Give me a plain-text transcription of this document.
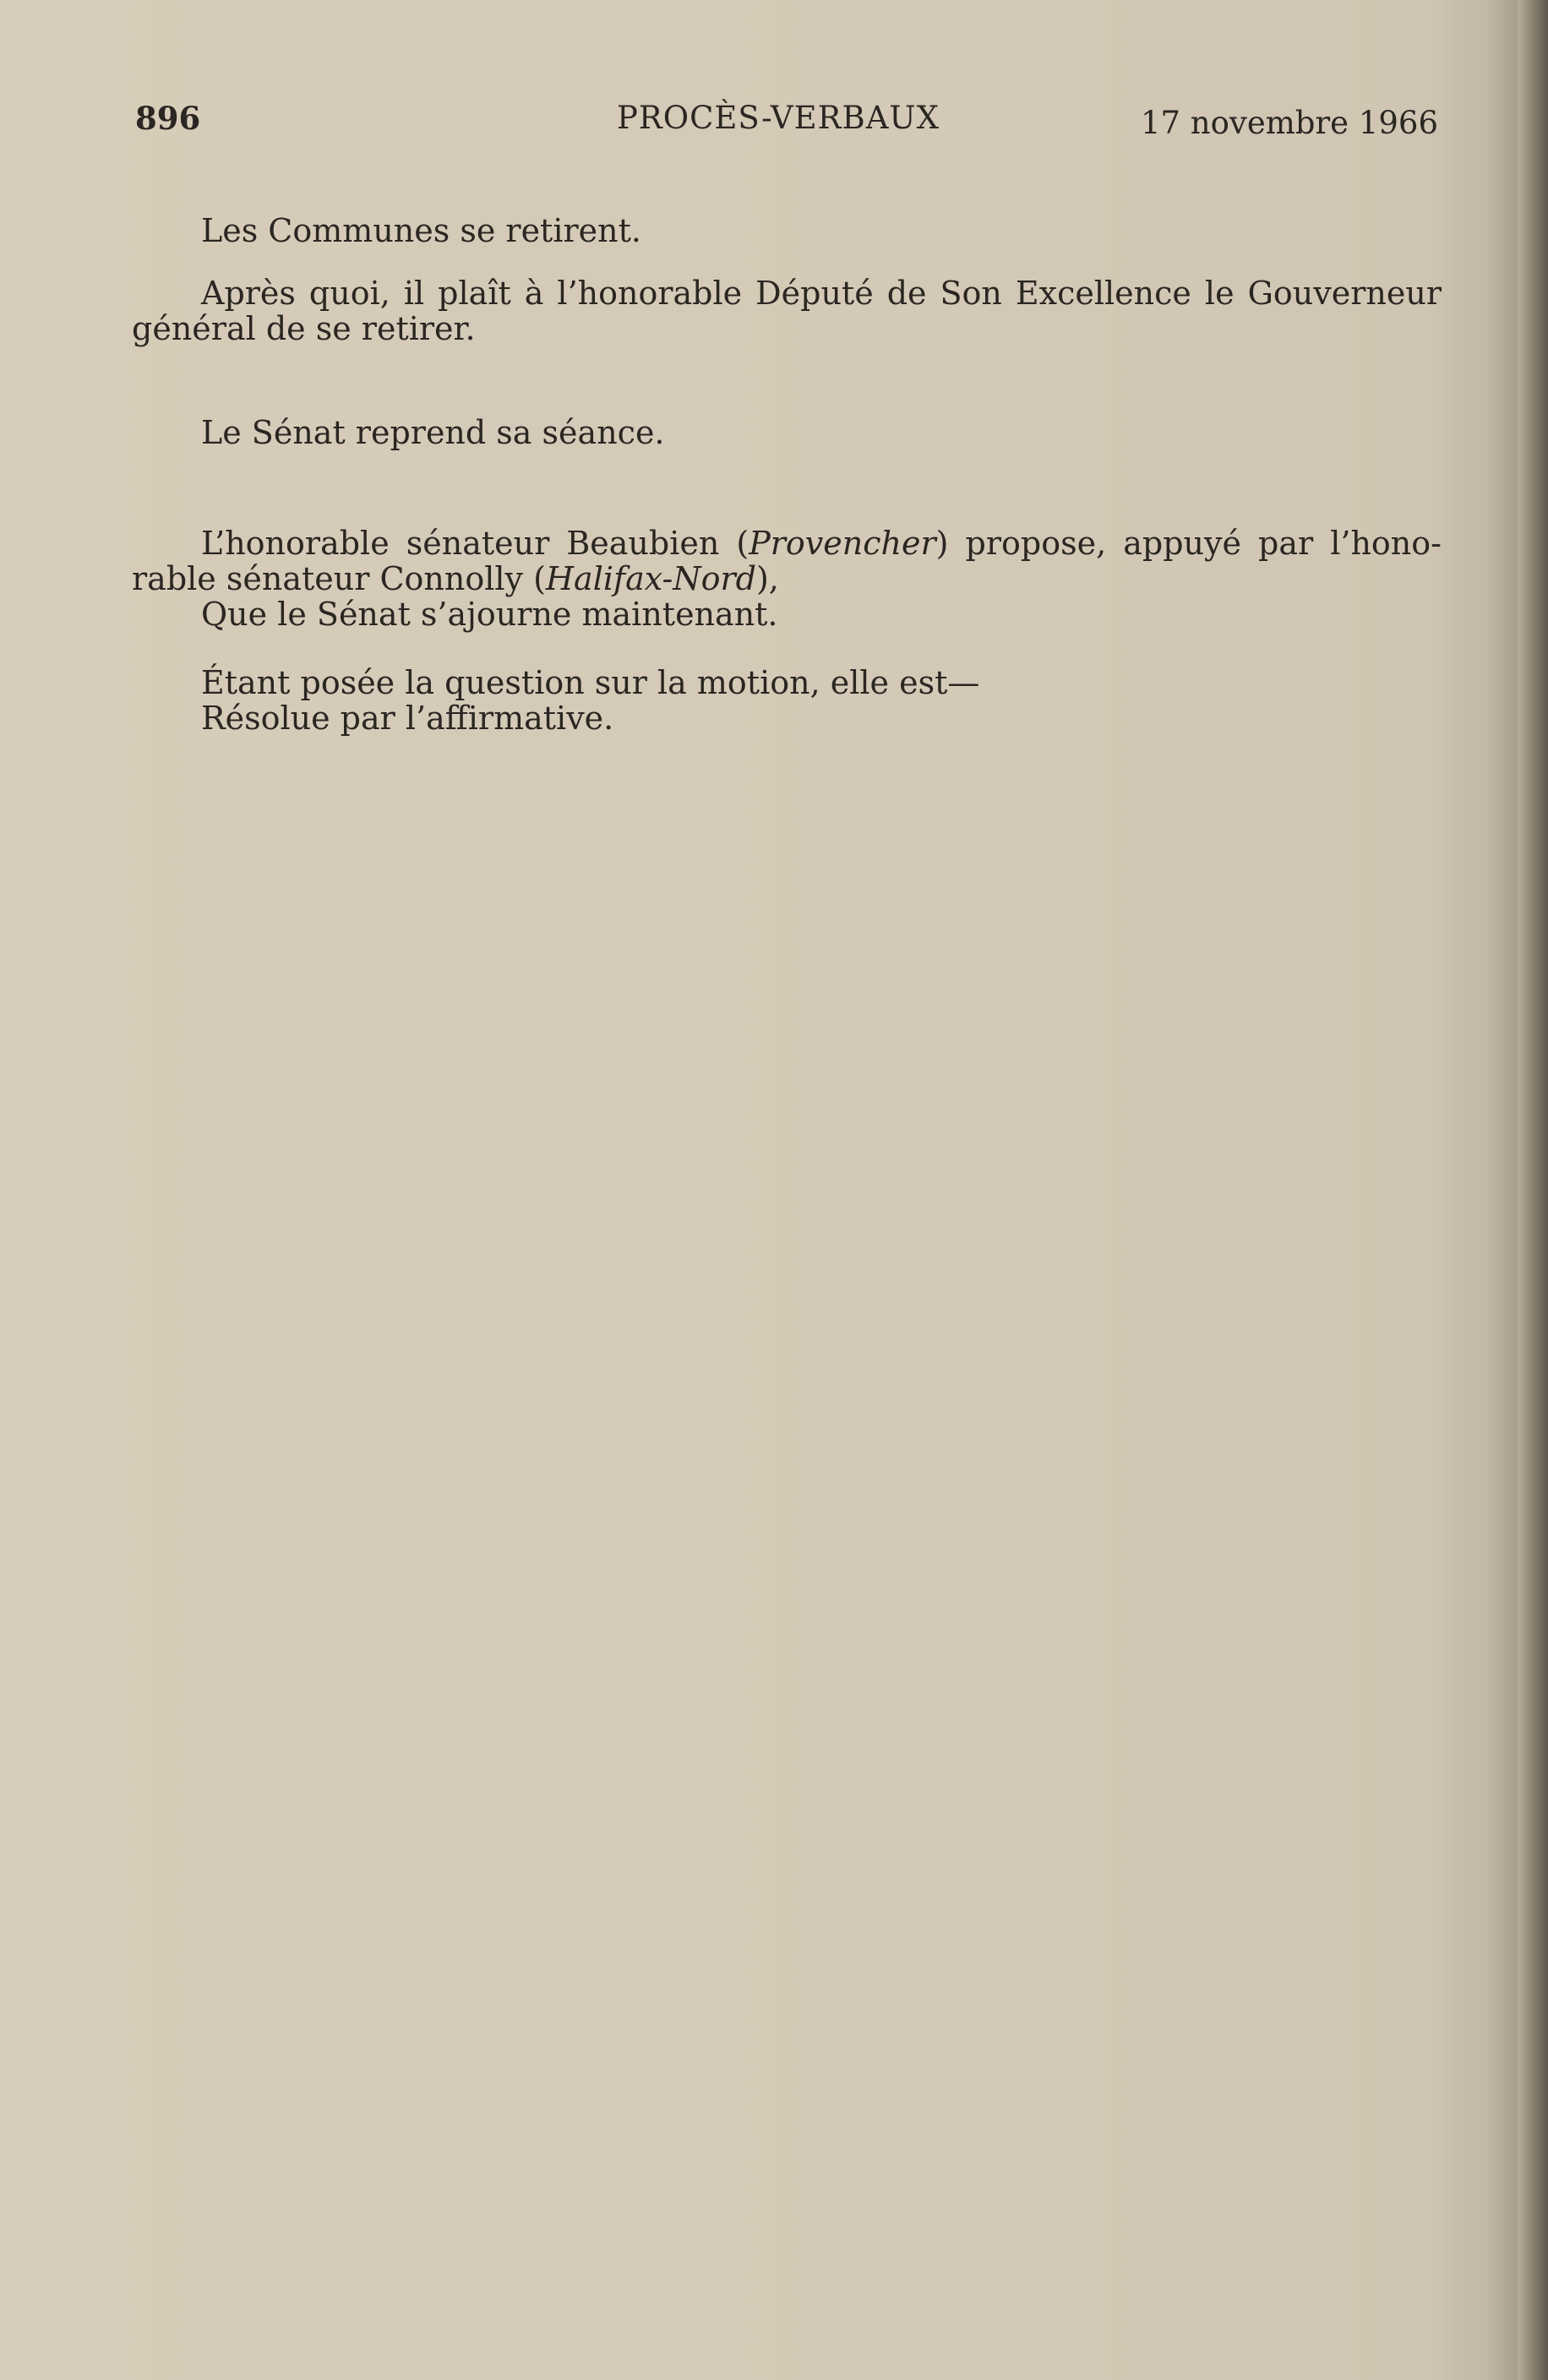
896	PROCÈS-VERBAUX	17 novembre 1966
Les Communes se retirent.
Après quoi, il plaît à l’honorable Député de Son Excellence le Gouverneur
général de se retirer.
Le Sénat reprend sa séance.
L’honorable sénateur Beaubien (Provencher) propose, appuyé par l’hono-
rable sénateur Connolly (Halifax-Nord),
Que le Sénat s’ajourne maintenant.
Étant posée la question sur la motion, elle est—
Résolue par l’affirmative.
